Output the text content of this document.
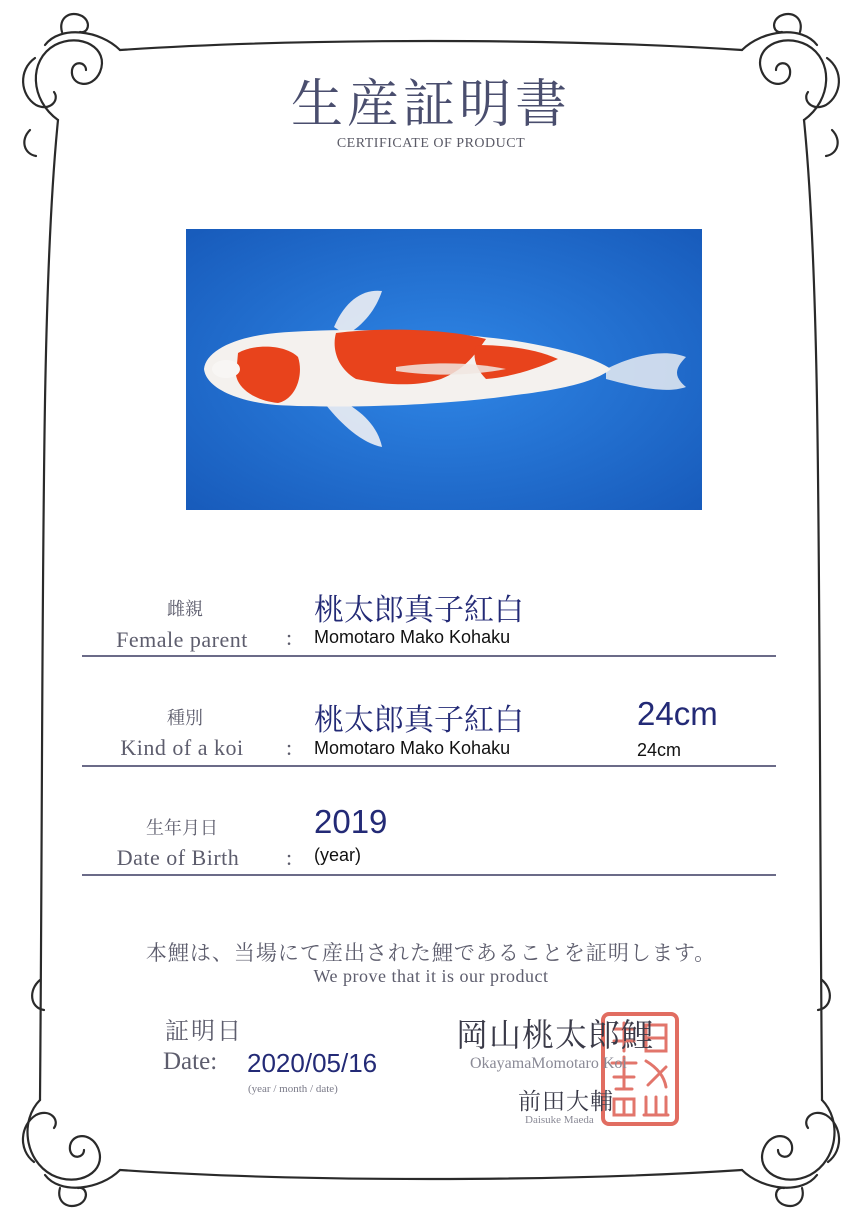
生産証明書
CERTIFICATE OF PRODUCT
雌親
Female parent	:
桃太郎真子紅白
Momotaro Mako Kohaku
種別
Kind of a koi	:
桃太郎真子紅白
Momotaro Mako Kohaku
24cm
24cm
生年月日
Date of Birth	:
2019
(year)
本鯉は、当場にて産出された鯉であることを証明します。
We prove that it is our product
証明日
Date: 2020/05/16
(year / month / date)
岡山桃太郎鯉
OkayamaMomotaro Koi
前田大輔
Daisuke Maeda
